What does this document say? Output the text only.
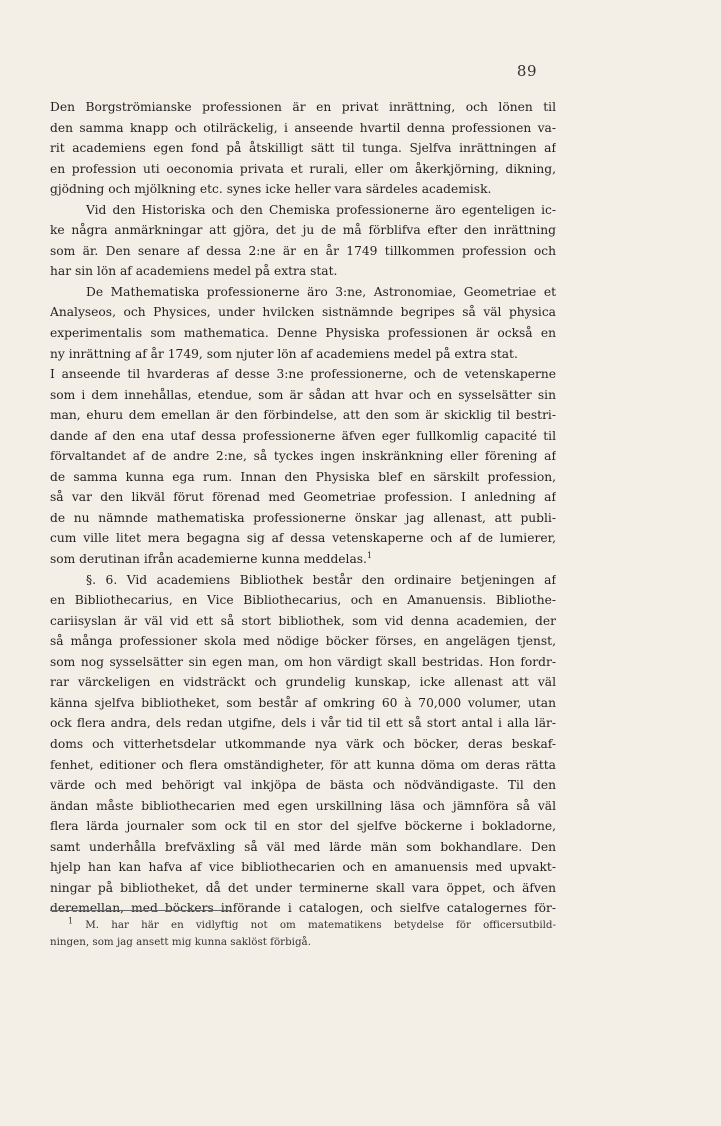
89
Den Borgströmianske professionen är en privat inrättning, och lönen til
den samma knapp och otilräckelig, i anseende hvartil denna professionen va-
rit academiens egen fond på åtskilligt sätt til tunga. Sjelfva inrättningen af
en profession uti oeconomia privata et rurali, eller om åkerkjörning, dikning,
gjödning och mjölkning etc. synes icke heller vara särdeles academisk.
Vid den Historiska och den Chemiska professionerne äro egenteligen ic-
ke några anmärkningar att gjöra, det ju de må förblifva efter den inrättning
som är. Den senare af dessa 2:ne är en år 1749 tillkommen profession och
har sin lön af academiens medel på extra stat.
De Mathematiska professionerne äro 3:ne, Astronomiae, Geometriae et
Analyseos, och Physices, under hvilcken sistnämnde begripes så väl physica
experimentalis som mathematica. Denne Physiska professionen är också en
ny inrättning af år 1749, som njuter lön af academiens medel på extra stat.
I anseende til hvarderas af desse 3:ne professionerne, och de vetenskaperne
som i dem innehållas, etendue, som är sådan att hvar och en sysselsätter sin
man, ehuru dem emellan är den förbindelse, att den som är skicklig til bestri-
dande af den ena utaf dessa professionerne äfven eger fullkomlig capacité til
förvaltandet af de andre 2:ne, så tyckes ingen inskränkning eller förening af
de samma kunna ega rum. Innan den Physiska blef en särskilt profession,
så var den likväl förut förenad med Geometriae profession. I anledning af
de nu nämnde mathematiska professionerne önskar jag allenast, att publi-
cum ville litet mera begagna sig af dessa vetenskaperne och af de lumierer,
som derutinan ifrån academierne kunna meddelas.$^1$
§. 6. Vid academiens Bibliothek består den ordinaire betjeningen af
en Bibliothecarius, en Vice Bibliothecarius, och en Amanuensis. Bibliothe-
cariisyslan är väl vid ett så stort bibliothek, som vid denna academien, der
så många professioner skola med nödige böcker förses, en angelägen tjenst,
som nog sysselsätter sin egen man, om hon värdigt skall bestridas. Hon fordr-
rar värckeligen en vidsträckt och grundelig kunskap, icke allenast att väl
känna sjelfva bibliotheket, som består af omkring 60 à 70,000 volumer, utan
ock flera andra, dels redan utgifne, dels i vår tid til ett så stort antal i alla lär-
doms och vitterhetsdelar utkommande nya värk och böcker, deras beskaf-
fenhet, editioner och flera omständigheter, för att kunna döma om deras rätta
värde och med behörigt val inkjöpa de bästa och nödvändigaste. Til den
ändan måste bibliothecarien med egen urskillning läsa och jämnföra så väl
flera lärda journaler som ock til en stor del sjelfve böckerne i bokladorne,
samt underhålla brefväxling så väl med lärde män som bokhandlare. Den
hjelp han kan hafva af vice bibliothecarien och en amanuensis med upvakt-
ningar på bibliotheket, då det under terminerne skall vara öppet, och äfven
deremellan, med böckers införande i catalogen, och sielfve catalogernes för-
$^1$ M. har här en vidlyftig not om matematikens betydelse för officersutbild-
ningen, som jag ansett mig kunna saklöst förbigå.
